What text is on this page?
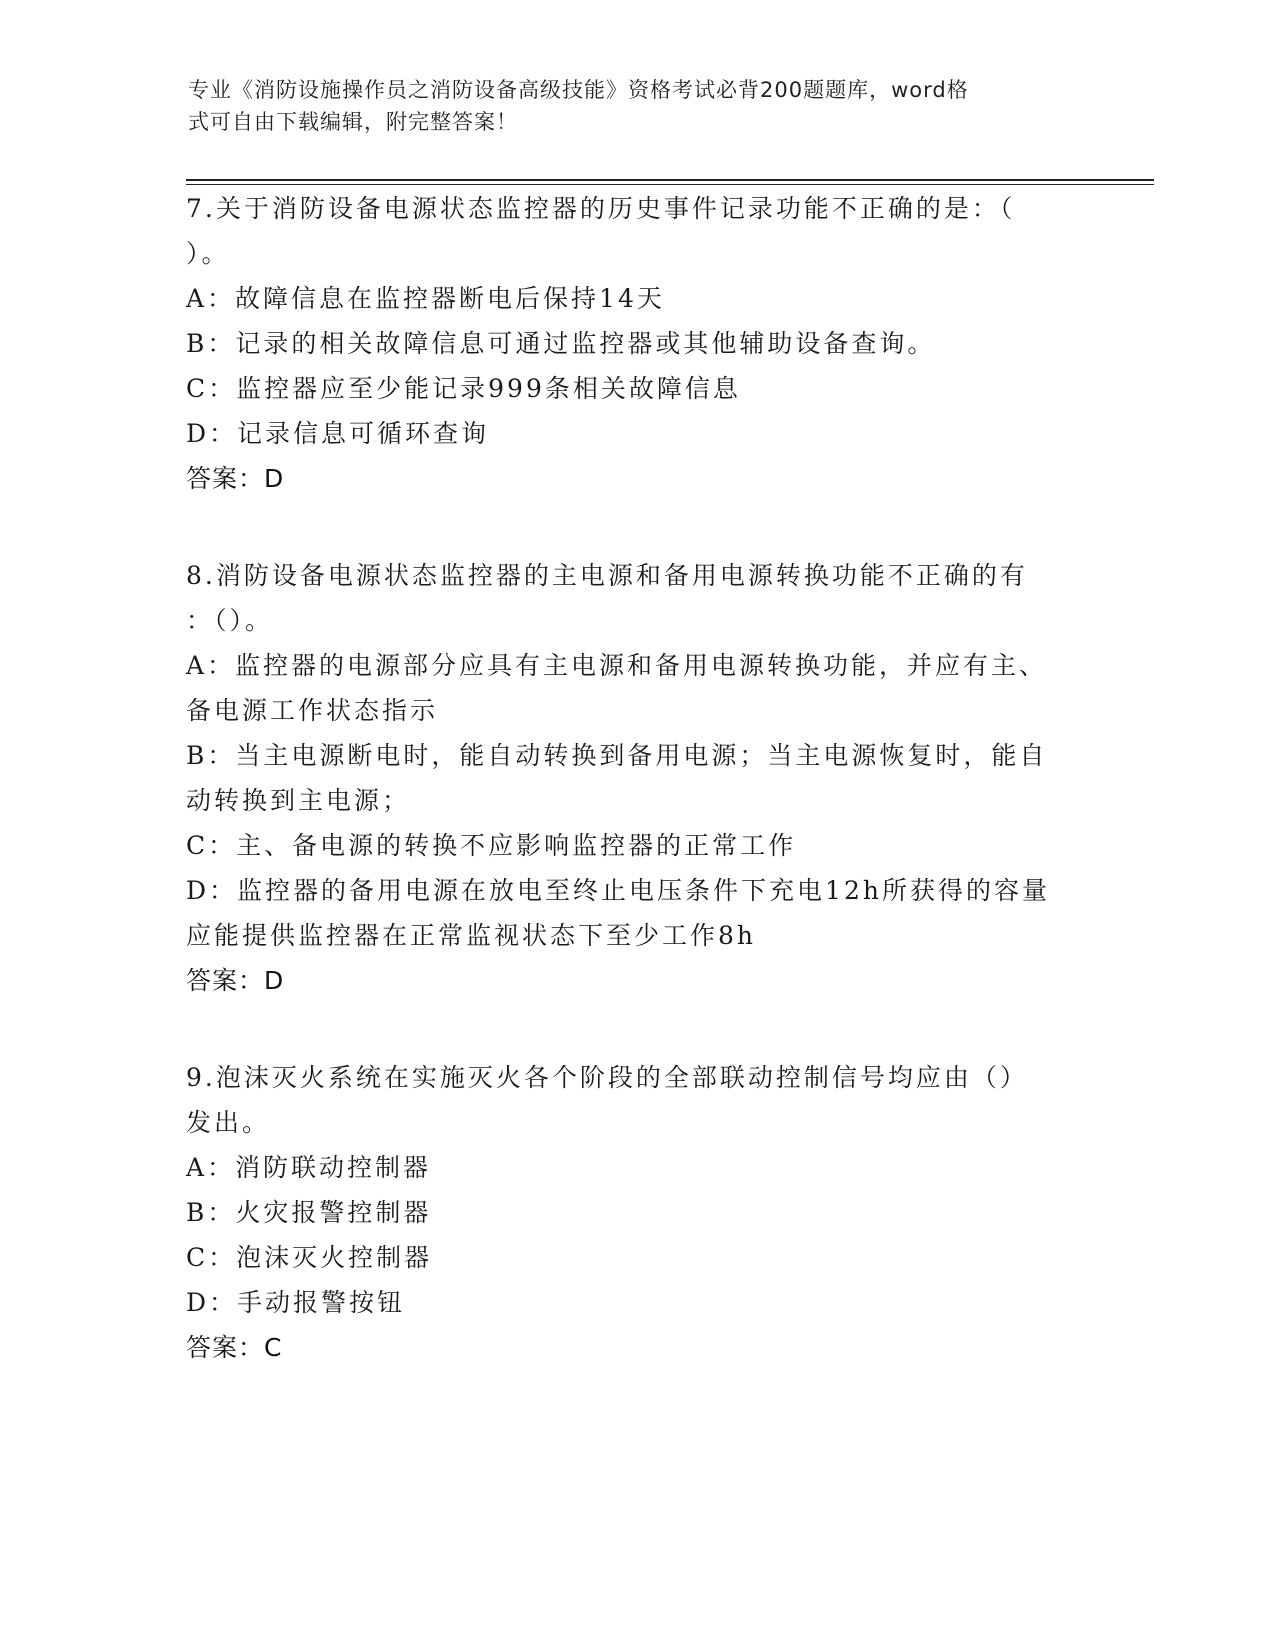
专业《消防设施操作员之消防设备高级技能》资格考试必背200题题库，word格
式可自由下载编辑，附完整答案！

7.关于消防设备电源状态监控器的历史事件记录功能不正确的是：（

）。

A：故障信息在监控器断电后保持14天

B：记录的相关故障信息可通过监控器或其他辅助设备查询。

C：监控器应至少能记录999条相关故障信息

D：记录信息可循环查询

答案：D

8.消防设备电源状态监控器的主电源和备用电源转换功能不正确的有

：（）。

A：监控器的电源部分应具有主电源和备用电源转换功能，并应有主、

备电源工作状态指示

B：当主电源断电时，能自动转换到备用电源；当主电源恢复时，能自

动转换到主电源；

C：主、备电源的转换不应影响监控器的正常工作

D：监控器的备用电源在放电至终止电压条件下充电12h所获得的容量

应能提供监控器在正常监视状态下至少工作8h

答案：D

9.泡沫灭火系统在实施灭火各个阶段的全部联动控制信号均应由（）

发出。

A：消防联动控制器

B：火灾报警控制器

C：泡沫灭火控制器

D：手动报警按钮

答案：C
